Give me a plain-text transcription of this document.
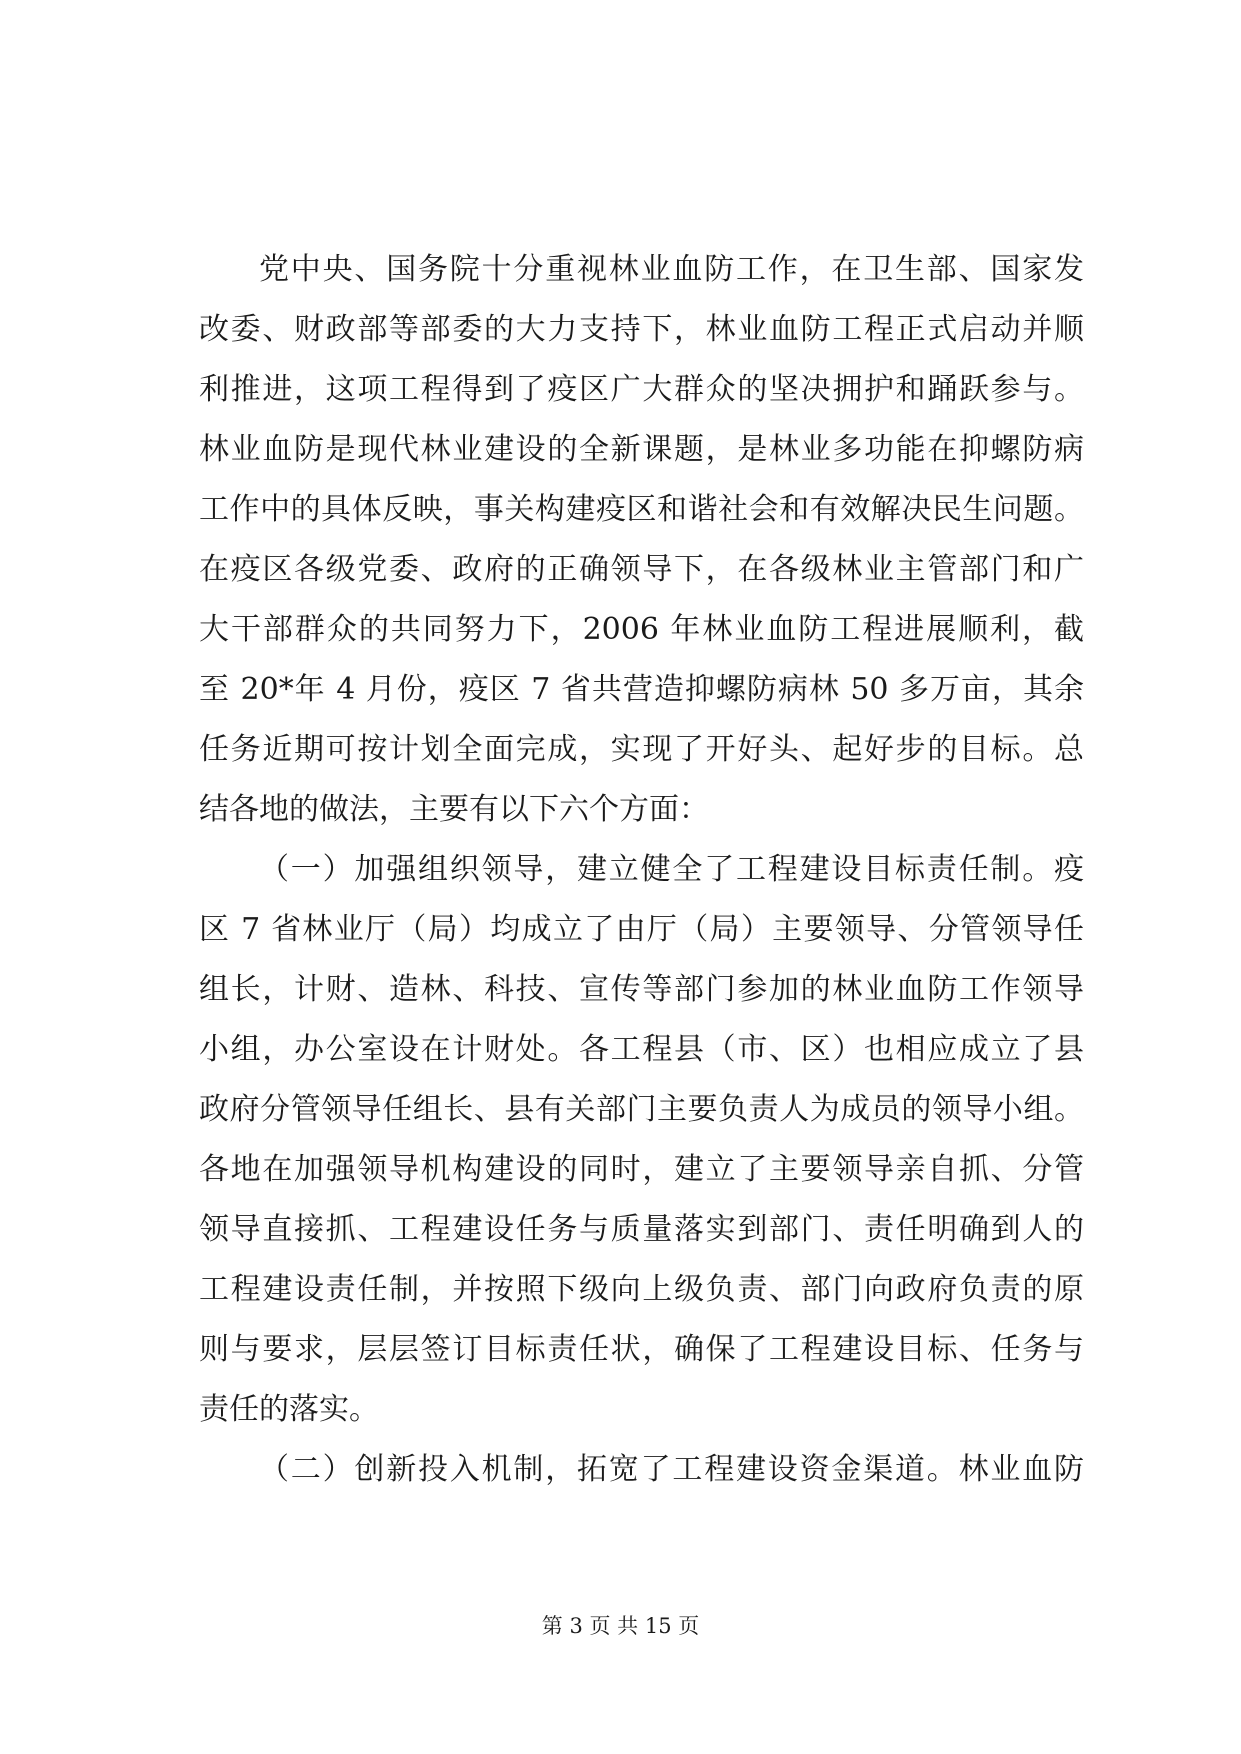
党中央、国务院十分重视林业血防工作，在卫生部、国家发
改委、财政部等部委的大力支持下，林业血防工程正式启动并顺
利推进，这项工程得到了疫区广大群众的坚决拥护和踊跃参与。
林业血防是现代林业建设的全新课题，是林业多功能在抑螺防病
工作中的具体反映，事关构建疫区和谐社会和有效解决民生问题。
在疫区各级党委、政府的正确领导下，在各级林业主管部门和广
大干部群众的共同努力下，2006 年林业血防工程进展顺利，截
至 20*年 4 月份，疫区 7 省共营造抑螺防病林 50 多万亩，其余
任务近期可按计划全面完成，实现了开好头、起好步的目标。总
结各地的做法，主要有以下六个方面：
（一）加强组织领导，建立健全了工程建设目标责任制。疫
区 7 省林业厅（局）均成立了由厅（局）主要领导、分管领导任
组长，计财、造林、科技、宣传等部门参加的林业血防工作领导
小组，办公室设在计财处。各工程县（市、区）也相应成立了县
政府分管领导任组长、县有关部门主要负责人为成员的领导小组。
各地在加强领导机构建设的同时，建立了主要领导亲自抓、分管
领导直接抓、工程建设任务与质量落实到部门、责任明确到人的
工程建设责任制，并按照下级向上级负责、部门向政府负责的原
则与要求，层层签订目标责任状，确保了工程建设目标、任务与
责任的落实。
（二）创新投入机制，拓宽了工程建设资金渠道。林业血防
第 3 页 共 15 页
